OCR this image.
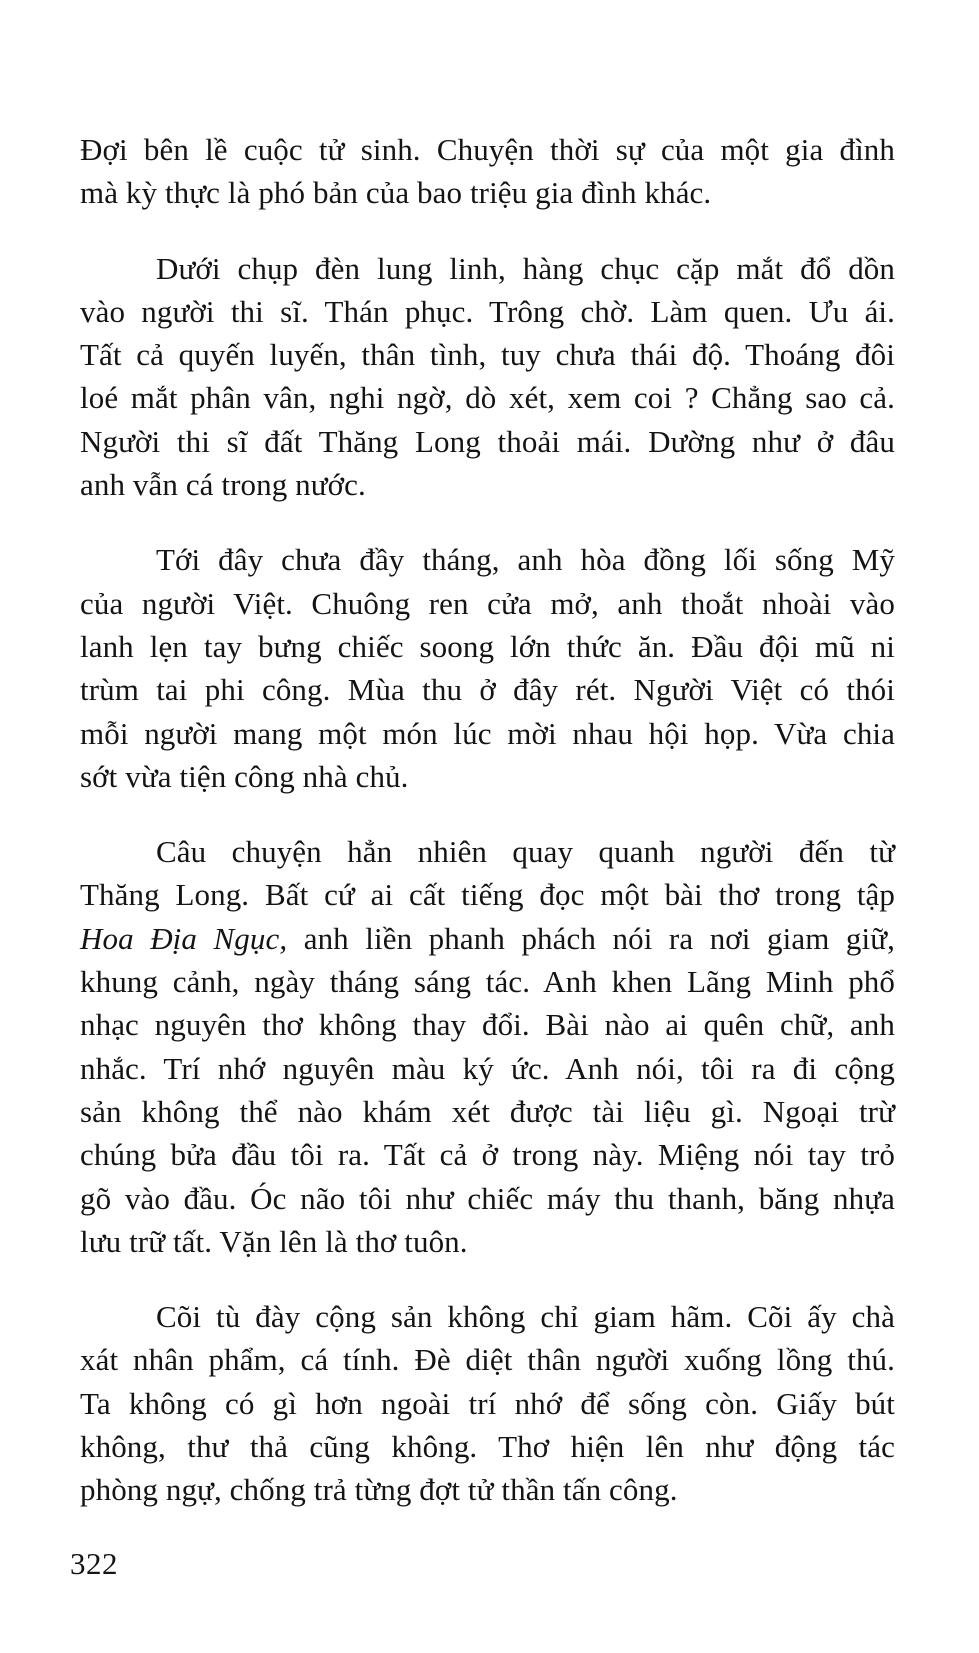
Đợi bên lề cuộc tử sinh. Chuyện thời sự của một gia đình
mà kỳ thực là phó bản của bao triệu gia đình khác.

Dưới chụp đèn lung linh, hàng chục cặp mắt đổ dồn
vào người thi sĩ. Thán phục. Trông chờ. Làm quen. Ưu ái.
Tất cả quyến luyến, thân tình, tuy chưa thái độ. Thoáng đôi
loé mắt phân vân, nghi ngờ, dò xét, xem coi ? Chẳng sao cả.
Người thi sĩ đất Thăng Long thoải mái. Dường như ở đâu
anh vẫn cá trong nước.

Tới đây chưa đầy tháng, anh hòa đồng lối sống Mỹ
của người Việt. Chuông ren cửa mở, anh thoắt nhoài vào
lanh lẹn tay bưng chiếc soong lớn thức ăn. Đầu đội mũ ni
trùm tai phi công. Mùa thu ở đây rét. Người Việt có thói
mỗi người mang một món lúc mời nhau hội họp. Vừa chia
sớt vừa tiện công nhà chủ.

Câu chuyện hẳn nhiên quay quanh người đến từ
Thăng Long. Bất cứ ai cất tiếng đọc một bài thơ trong tập
Hoa Địa Ngục, anh liền phanh phách nói ra nơi giam giữ,
khung cảnh, ngày tháng sáng tác. Anh khen Lãng Minh phổ
nhạc nguyên thơ không thay đổi. Bài nào ai quên chữ, anh
nhắc. Trí nhớ nguyên màu ký ức. Anh nói, tôi ra đi cộng
sản không thể nào khám xét được tài liệu gì. Ngoại trừ
chúng bửa đầu tôi ra. Tất cả ở trong này. Miệng nói tay trỏ
gõ vào đầu. Óc não tôi như chiếc máy thu thanh, băng nhựa
lưu trữ tất. Vặn lên là thơ tuôn.

Cõi tù đày cộng sản không chỉ giam hãm. Cõi ấy chà
xát nhân phẩm, cá tính. Đè diệt thân người xuống lồng thú.
Ta không có gì hơn ngoài trí nhớ để sống còn. Giấy bút
không, thư thả cũng không. Thơ hiện lên như động tác
phòng ngự, chống trả từng đợt tử thần tấn công.

322
